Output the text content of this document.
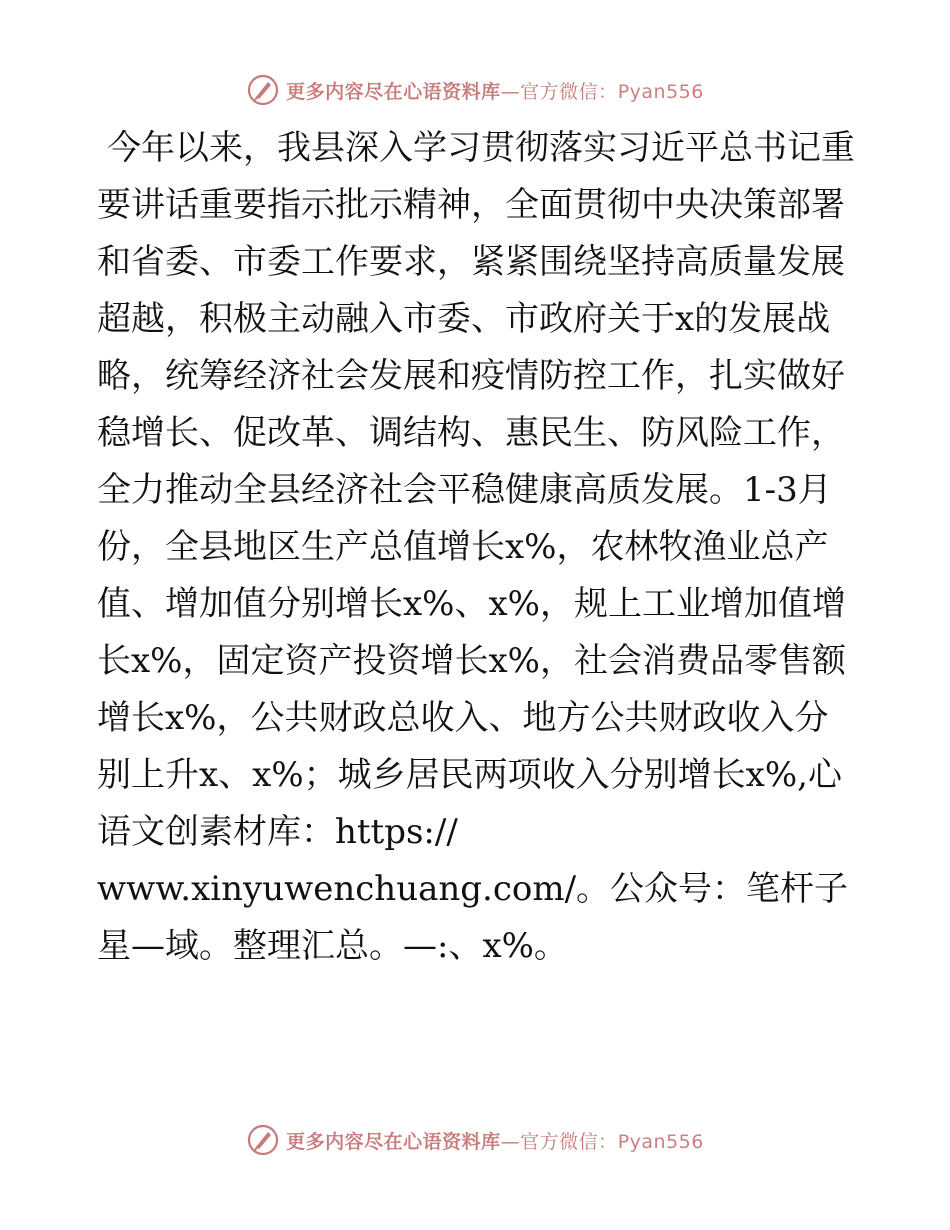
更多内容尽在心语资料库—官方微信：Pyan556

今年以来，我县深入学习贯彻落实习近平总书记重要讲话重要指示批示精神，全面贯彻中央决策部署和省委、市委工作要求，紧紧围绕坚持高质量发展超越，积极主动融入市委、市政府关于x的发展战略，统筹经济社会发展和疫情防控工作，扎实做好稳增长、促改革、调结构、惠民生、防风险工作，全力推动全县经济社会平稳健康高质发展。1-3月份，全县地区生产总值增长x%，农林牧渔业总产值、增加值分别增长x%、x%，规上工业增加值增长x%，固定资产投资增长x%，社会消费品零售额增长x%，公共财政总收入、地方公共财政收入分别上升x、x%；城乡居民两项收入分别增长x%,心语文创素材库：https://
www.xinyuwenchuang.com/。公众号：笔杆子星—域。整理汇总。—:、x%。

更多内容尽在心语资料库—官方微信：Pyan556
